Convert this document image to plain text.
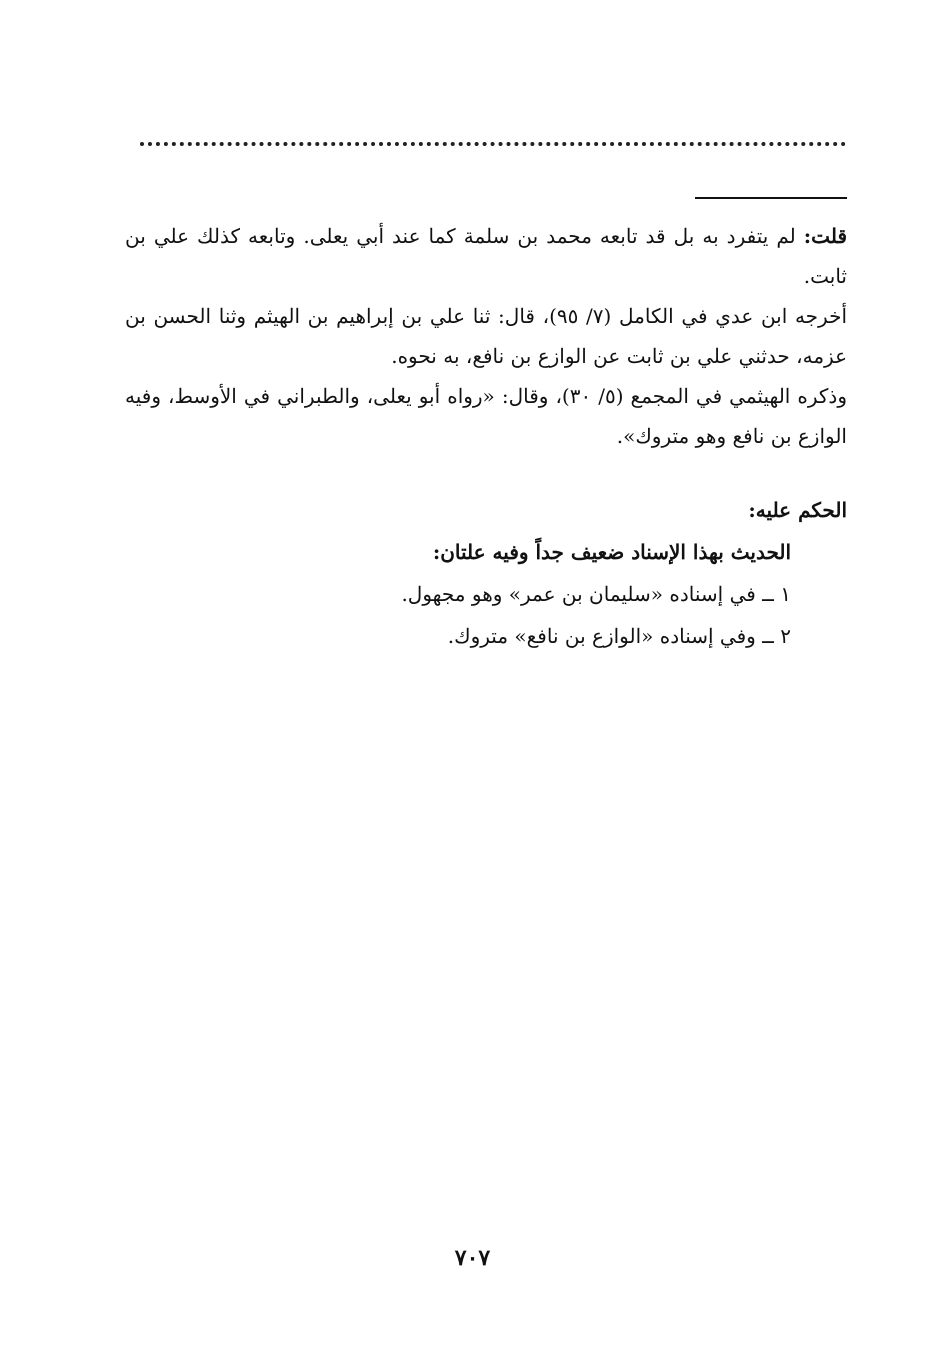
قلت: لم يتفرد به بل قد تابعه محمد بن سلمة كما عند أبي يعلى. وتابعه كذلك علي بن ثابت.

أخرجه ابن عدي في الكامل (٧/ ٩٥)، قال: ثنا علي بن إبراهيم بن الهيثم وثنا الحسن بن عزمه، حدثني علي بن ثابت عن الوازع بن نافع، به نحوه.

وذكره الهيثمي في المجمع (٥/ ٣٠)، وقال: «رواه أبو يعلى، والطبراني في الأوسط، وفيه الوازع بن نافع وهو متروك».

الحكم عليه:
الحديث بهذا الإسناد ضعيف جداً وفيه علتان:
١ ــ في إسناده «سليمان بن عمر» وهو مجهول.
٢ ــ وفي إسناده «الوازع بن نافع» متروك.
٧٠٧
